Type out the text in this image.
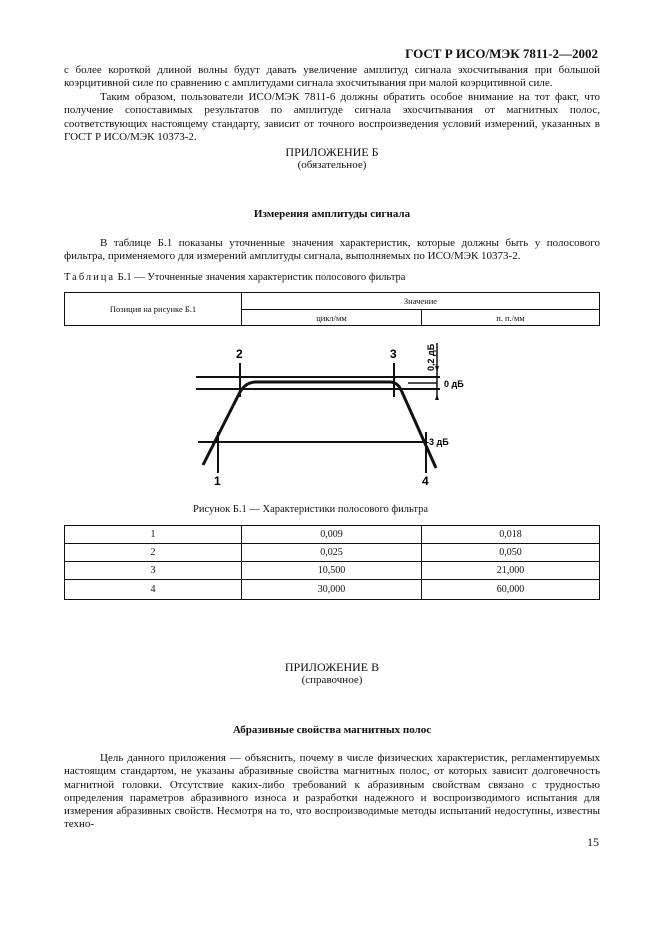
ГОСТ Р ИСО/МЭК 7811-2—2002
с более короткой длиной волны будут давать увеличение амплитуд сигнала эхосчитывания при большой коэрцитивной силе по сравнению с амплитудами сигнала эхосчитывания при малой коэрцитивной силе.
Таким образом, пользователи ИСО/МЭК 7811-6 должны обратить особое внимание на тот факт, что получение сопоставимых результатов по амплитуде сигнала эхосчитывания от магнитных полос, соответствующих настоящему стандарту, зависит от точного воспроизведения условий измерений, указанных в ГОСТ Р ИСО/МЭК 10373-2.
ПРИЛОЖЕНИЕ Б
(обязательное)
Измерения амплитуды сигнала
В таблице Б.1 показаны уточненные значения характеристик, которые должны быть у полосового фильтра, применяемого для измерений амплитуды сигнала, выполняемых по ИСО/МЭК 10373-2.
Таблица Б.1 — Уточненные значения характеристик полосового фильтра
Позиция на рисунке Б.1	Значение	
	цикл/мм	п. п./мм
2	3
1	4
0,2 дБ
0 дБ
-3 дБ
Рисунок Б.1 — Характеристики полосового фильтра
1	0,009	0,018
2	0,025	0,050
3	10,500	21,000
4	30,000	60,000
ПРИЛОЖЕНИЕ В
(справочное)
Абразивные свойства магнитных полос
Цель данного приложения — объяснить, почему в числе физических характеристик, регламентируемых настоящим стандартом, не указаны абразивные свойства магнитных полос, от которых зависит долговечность магнитной головки. Отсутствие каких-либо требований к абразивным свойствам связано с трудностью определения параметров абразивного износа и разработки надежного и воспроизводимого испытания для измерения абразивных свойств. Несмотря на то, что воспроизводимые методы испытаний недоступны, известны техно-
15
